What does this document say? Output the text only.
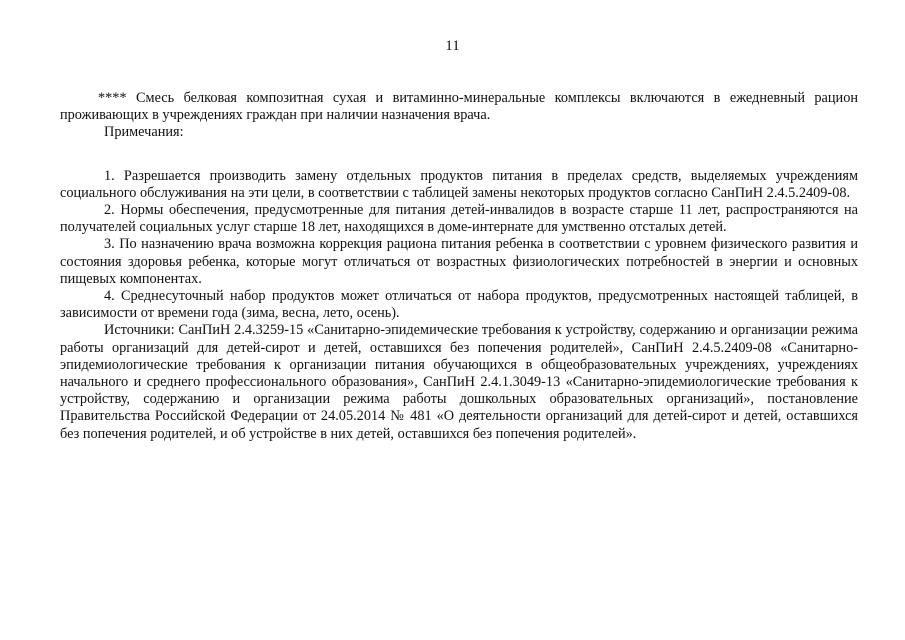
11

**** Смесь белковая композитная сухая и витаминно-минеральные комплексы включаются в ежедневный рацион проживающих в учреждениях граждан при наличии назначения врача.

Примечания:

1. Разрешается производить замену отдельных продуктов питания в пределах средств, выделяемых учреждениям социального обслуживания на эти цели, в соответствии с таблицей замены некоторых продуктов согласно СанПиН 2.4.5.2409-08.

2. Нормы обеспечения, предусмотренные для питания детей-инвалидов в возрасте старше 11 лет, распространяются на получателей социальных услуг старше 18 лет, находящихся в доме-интернате для умственно отсталых детей.

3. По назначению врача возможна коррекция рациона питания ребенка в соответствии с уровнем физического развития и состояния здоровья ребенка, которые могут отличаться от возрастных физиологических потребностей в энергии и основных пищевых компонентах.

4. Среднесуточный набор продуктов может отличаться от набора продуктов, предусмотренных настоящей таблицей, в зависимости от времени года (зима, весна, лето, осень).

Источники: СанПиН 2.4.3259-15 «Санитарно-эпидемические требования к устройству, содержанию и организации режима работы организаций для детей-сирот и детей, оставшихся без попечения родителей», СанПиН 2.4.5.2409-08 «Санитарно-эпидемиологические требования к организации питания обучающихся в общеобразовательных учреждениях, учреждениях начального и среднего профессионального образования», СанПиН 2.4.1.3049-13 «Санитарно-эпидемиологические требования к устройству, содержанию и организации режима работы дошкольных образовательных организаций», постановление Правительства Российской Федерации от 24.05.2014 № 481 «О деятельности организаций для детей-сирот и детей, оставшихся без попечения родителей, и об устройстве в них детей, оставшихся без попечения родителей».
